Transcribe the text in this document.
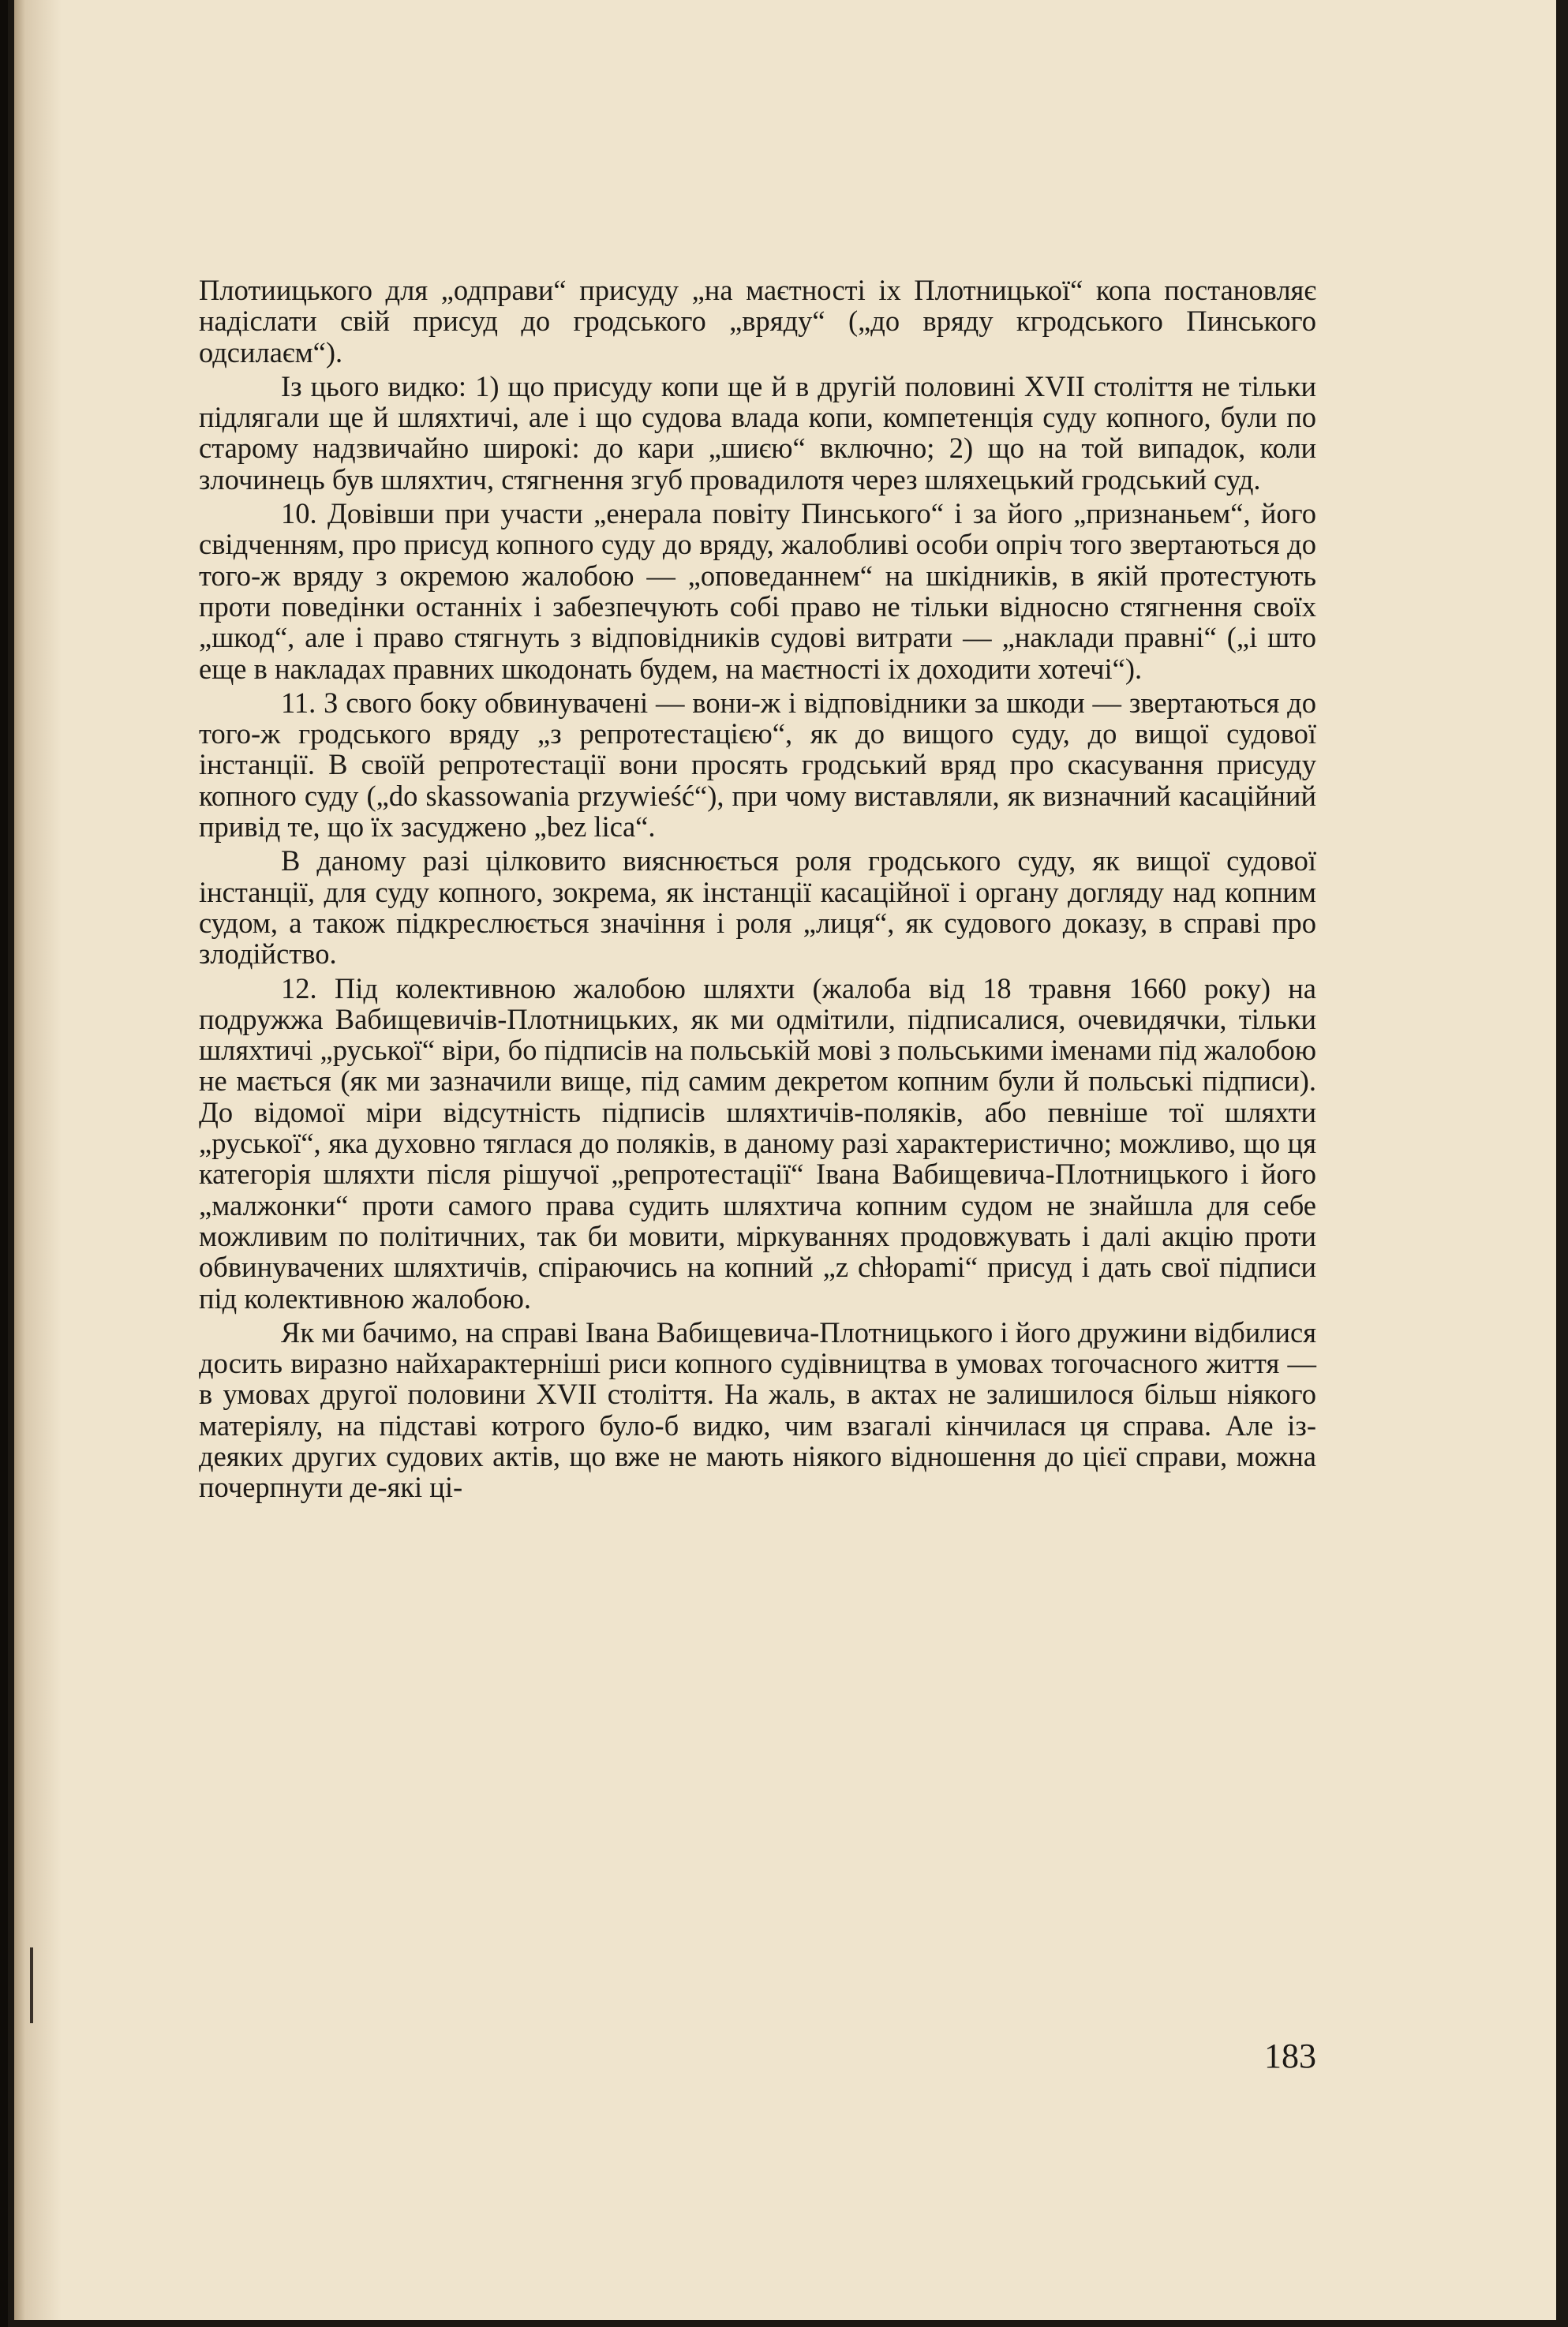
Плотиицького для „одправи“ присуду „на маєтності іх Плотницької“ копа постановляє надіслати свій присуд до гродського „вряду“ („до вряду кгродського Пинського одсилаєм“).

Із цього видко: 1) що присуду копи ще й в другій половині XVII століття не тільки підлягали ще й шляхтичі, але і що судова влада копи, компетенція суду копного, були по старому надзвичайно широкі: до кари „шиєю“ включно; 2) що на той випадок, коли злочинець був шляхтич, стягнення згуб провадилотя через шляхецький гродський суд.

10. Довівши при участи „енерала повіту Пинського“ і за його „признаньем“, його свідченням, про присуд копного суду до вряду, жалобливі особи опріч того звертаються до того-ж вряду з окремою жалобою — „оповеданнем“ на шкідників, в якій протестують проти поведінки останніх і забезпечують собі право не тільки відносно стягнення своїх „шкод“, але і право стягнуть з відповідників судові витрати — „наклади правні“ („і што еще в накладах правних шкодонать будем, на маєтності іх доходити хотечі“).

11. З свого боку обвинувачені — вони-ж і відповідники за шкоди — звертаються до того-ж гродського вряду „з репротестацією“, як до вищого суду, до вищої судової інстанції. В своїй репротестації вони просять гродський вряд про скасування присуду копного суду („do skassowania przywieść“), при чому виставляли, як визначний касаційний привід те, що їх засуджено „bez lica“.

В даному разі цілковито вияснюється роля гродського суду, як вищої судової інстанції, для суду копного, зокрема, як інстанції касаційної і органу догляду над копним судом, а також підкреслюється значіння і роля „лиця“, як судового доказу, в справі про злодійство.

12. Під колективною жалобою шляхти (жалоба від 18 травня 1660 року) на подружжа Вабищевичів-Плотницьких, як ми одмітили, підписалися, очевидячки, тільки шляхтичі „руської“ віри, бо підписів на польській мові з польськими іменами під жалобою не мається (як ми зазначили вище, під самим декретом копним були й польські підписи). До відомої міри відсутність підписів шляхтичів-поляків, або певніше тої шляхти „руської“, яка духовно тяглася до поляків, в даному разі характеристично; можливо, що ця категорія шляхти після рішучої „репротестації“ Івана Вабищевича-Плотницького і його „малжонки“ проти самого права судить шляхтича копним судом не знайшла для себе можливим по політичних, так би мовити, міркуваннях продовжувать і далі акцію проти обвинувачених шляхтичів, спіраючись на копний „z chłopami“ присуд і дать свої підписи під колективною жалобою.

Як ми бачимо, на справі Івана Вабищевича-Плотницького і його дружини відбилися досить виразно найхарактерніші риси копного судівництва в умовах тогочасного життя — в умовах другої половини XVII століття. На жаль, в актах не залишилося більш ніякого матеріялу, на підставі котрого було-б видко, чим взагалі кінчилася ця справа. Але із-деяких других судових актів, що вже не мають ніякого відношення до цієї справи, можна почерпнути де-які ці-

183
